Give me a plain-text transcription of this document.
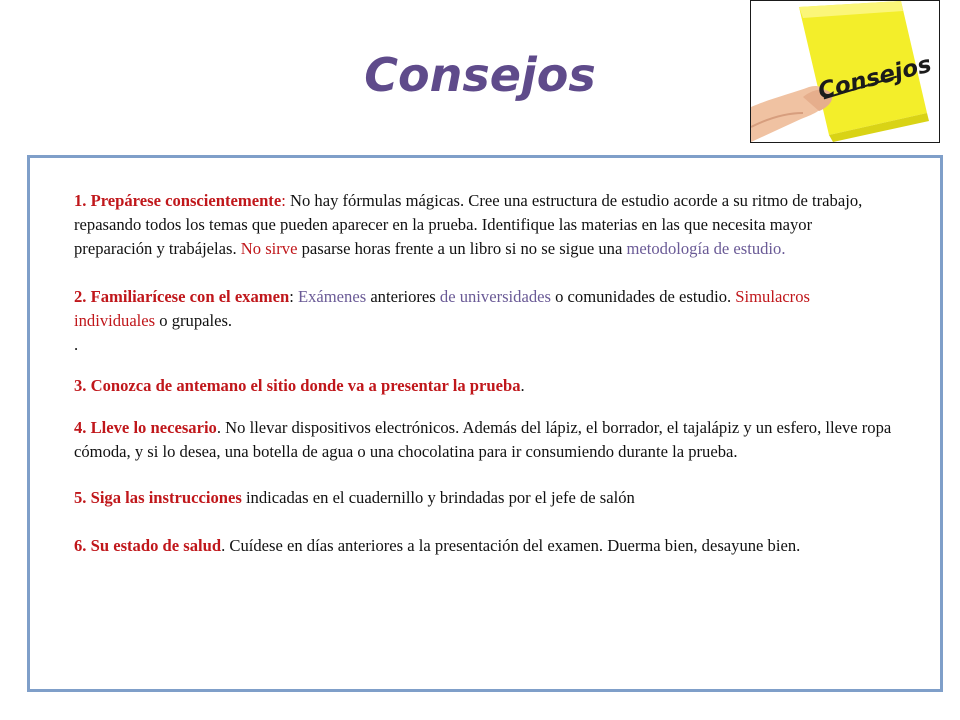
Consejos	Consejos

1. Prepárese conscientemente: No hay fórmulas mágicas. Cree una estructura de estudio acorde a su ritmo de trabajo, repasando todos los temas que pueden aparecer en la prueba. Identifique las materias en las que necesita mayor preparación y trabájelas. No sirve pasarse horas frente a un libro si no se sigue una metodología de estudio.

2. Familiarícese con el examen: Exámenes anteriores de universidades o comunidades de estudio. Simulacros individuales o grupales.

.

3. Conozca de antemano el sitio donde va a presentar la prueba.

4. Lleve lo necesario. No llevar dispositivos electrónicos. Además del lápiz, el borrador, el tajalápiz y un esfero, lleve ropa cómoda, y si lo desea, una botella de agua o una chocolatina para ir consumiendo durante la prueba.

5. Siga las instrucciones indicadas en el cuadernillo y brindadas por el jefe de salón

6. Su estado de salud. Cuídese en días anteriores a la presentación del examen. Duerma bien, desayune bien.
